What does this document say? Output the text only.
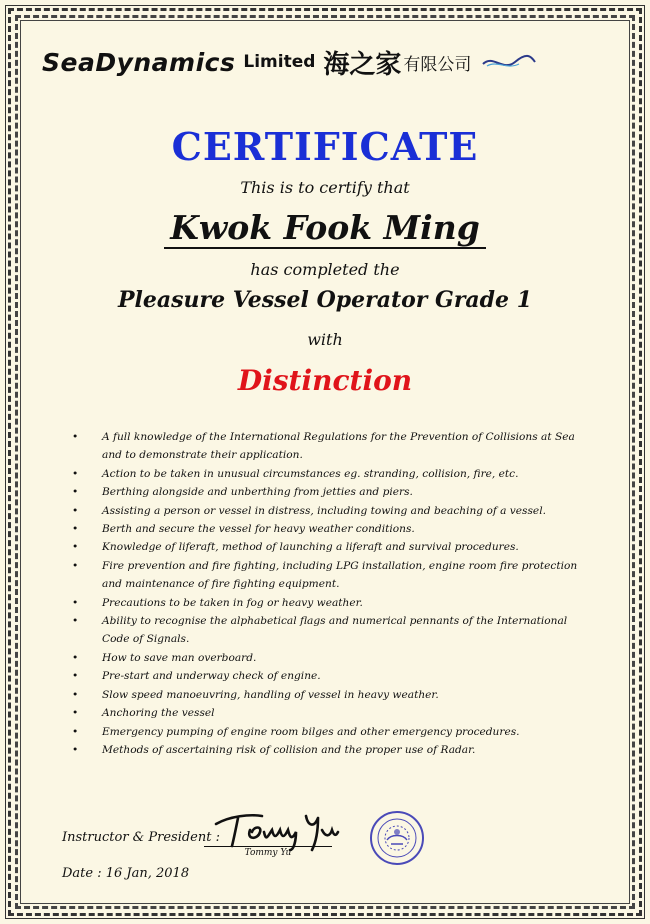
SeaDynamics Limited 海之家 有限公司
CERTIFICATE
This is to certify that
Kwok Fook Ming
has completed the
Pleasure Vessel Operator Grade 1
with
Distinction
• A full knowledge of the International Regulations for the Prevention of Collisions at Sea and to demonstrate their application.
• Action to be taken in unusual circumstances eg. stranding, collision, fire, etc.
• Berthing alongside and unberthing from jetties and piers.
• Assisting a person or vessel in distress, including towing and beaching of a vessel.
• Berth and secure the vessel for heavy weather conditions.
• Knowledge of liferaft, method of launching a liferaft and survival procedures.
• Fire prevention and fire fighting, including LPG installation, engine room fire protection and maintenance of fire fighting equipment.
• Precautions to be taken in fog or heavy weather.
• Ability to recognise the alphabetical flags and numerical pennants of the International Code of Signals.
• How to save man overboard.
• Pre-start and underway check of engine.
• Slow speed manoeuvring, handling of vessel in heavy weather.
• Anchoring the vessel
• Emergency pumping of engine room bilges and other emergency procedures.
• Methods of ascertaining risk of collision and the proper use of Radar.
Instructor & President :
Tommy Yu
Date : 16 Jan, 2018
